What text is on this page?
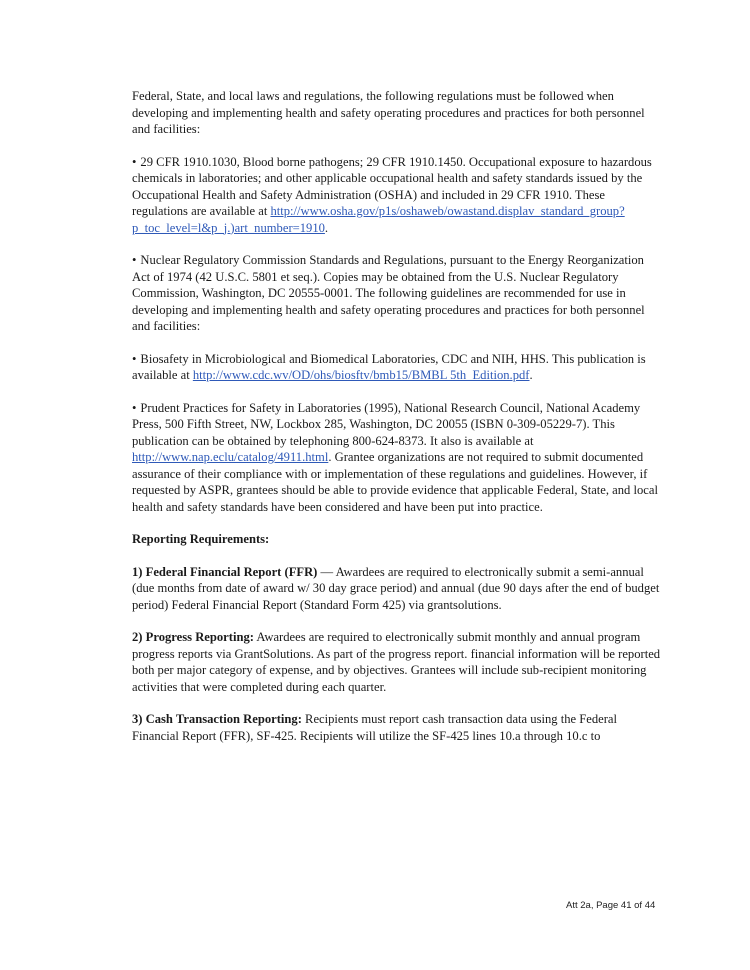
Federal, State, and local laws and regulations, the following regulations must be followed when developing and implementing health and safety operating procedures and practices for both personnel and facilities:

• 29 CFR 1910.1030, Blood borne pathogens; 29 CFR 1910.1450. Occupational exposure to hazardous chemicals in laboratories; and other applicable occupational health and safety standards issued by the Occupational Health and Safety Administration (OSHA) and included in 29 CFR 1910. These regulations are available at http://www.osha.gov/p1s/oshaweb/owastand.displav_standard_group?p_toc_level=l&p_j.)art_number=1910.

• Nuclear Regulatory Commission Standards and Regulations, pursuant to the Energy Reorganization Act of 1974 (42 U.S.C. 5801 et seq.). Copies may be obtained from the U.S. Nuclear Regulatory Commission, Washington, DC 20555-0001. The following guidelines are recommended for use in developing and implementing health and safety operating procedures and practices for both personnel and facilities:

• Biosafety in Microbiological and Biomedical Laboratories, CDC and NIH, HHS. This publication is available at http://www.cdc.wv/OD/ohs/biosftv/bmb15/BMBL 5th_Edition.pdf.

• Prudent Practices for Safety in Laboratories (1995), National Research Council, National Academy Press, 500 Fifth Street, NW, Lockbox 285, Washington, DC 20055 (ISBN 0-309-05229-7). This publication can be obtained by telephoning 800-624-8373. It also is available at http://www.nap.eclu/catalog/4911.html. Grantee organizations are not required to submit documented assurance of their compliance with or implementation of these regulations and guidelines. However, if requested by ASPR, grantees should be able to provide evidence that applicable Federal, State, and local health and safety standards have been considered and have been put into practice.

Reporting Requirements:

1) Federal Financial Report (FFR) — Awardees are required to electronically submit a semi-annual (due months from date of award w/ 30 day grace period) and annual (due 90 days after the end of budget period) Federal Financial Report (Standard Form 425) via grantsolutions.

2) Progress Reporting: Awardees are required to electronically submit monthly and annual program progress reports via GrantSolutions. As part of the progress report. financial information will be reported both per major category of expense, and by objectives. Grantees will include sub-recipient monitoring activities that were completed during each quarter.

3) Cash Transaction Reporting: Recipients must report cash transaction data using the Federal Financial Report (FFR), SF-425. Recipients will utilize the SF-425 lines 10.a through 10.c to

Att 2a, Page 41 of 44
